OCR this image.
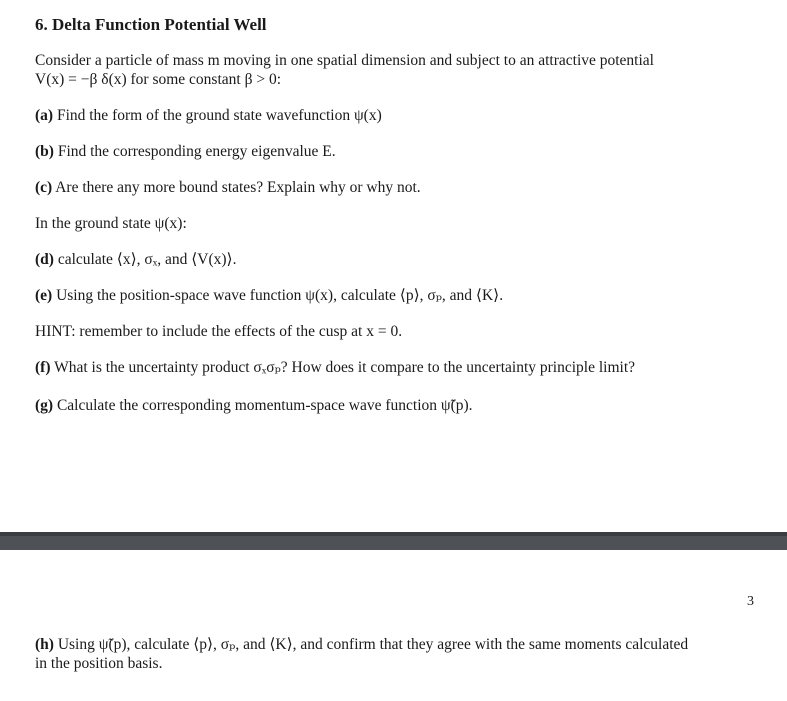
6. Delta Function Potential Well
Consider a particle of mass m moving in one spatial dimension and subject to an attractive potential
V(x) = −β δ(x) for some constant β > 0:
(a) Find the form of the ground state wavefunction ψ(x)
(b) Find the corresponding energy eigenvalue E.
(c) Are there any more bound states? Explain why or why not.
In the ground state ψ(x):
(d) calculate ⟨x⟩, σₓ, and ⟨V(x)⟩.
(e) Using the position-space wave function ψ(x), calculate ⟨p⟩, σₚ, and ⟨K⟩.
HINT: remember to include the effects of the cusp at x = 0.
(f) What is the uncertainty product σₓσₚ? How does it compare to the uncertainty principle limit?
(g) Calculate the corresponding momentum-space wave function ψ̃(p).
3
(h) Using ψ̃(p), calculate ⟨p⟩, σₚ, and ⟨K⟩, and confirm that they agree with the same moments calculated
in the position basis.
